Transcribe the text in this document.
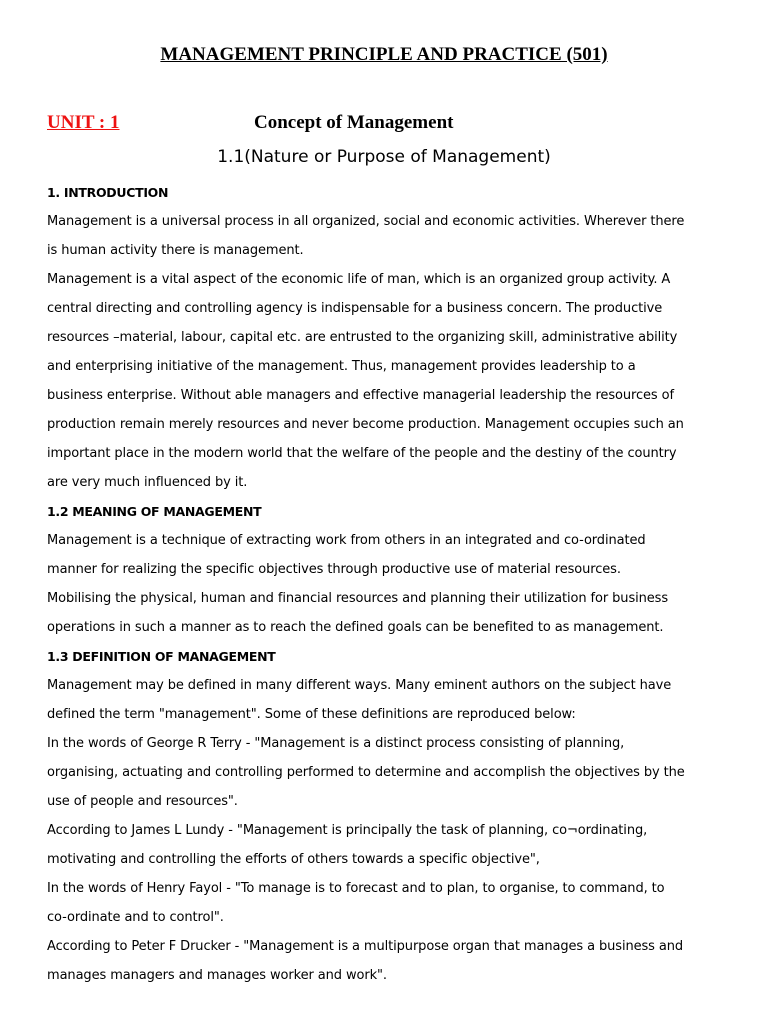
MANAGEMENT PRINCIPLE AND PRACTICE (501)
UNIT : 1	Concept of Management
1.1(Nature or Purpose of Management)
1. INTRODUCTION

Management is a universal process in all organized, social and economic activities. Wherever there is human activity there is management.

Management is a vital aspect of the economic life of man, which is an organized group activity. A central directing and controlling agency is indispensable for a business concern. The productive resources –material, labour, capital etc. are entrusted to the organizing skill, administrative ability and enterprising initiative of the management. Thus, management provides leadership to a business enterprise. Without able managers and effective managerial leadership the resources of production remain merely resources and never become production. Management occupies such an important place in the modern world that the welfare of the people and the destiny of the country are very much influenced by it.

1.2 MEANING OF MANAGEMENT

Management is a technique of extracting work from others in an integrated and co-ordinated manner for realizing the specific objectives through productive use of material resources. Mobilising the physical, human and financial resources and planning their utilization for business operations in such a manner as to reach the defined goals can be benefited to as management.

1.3 DEFINITION OF MANAGEMENT

Management may be defined in many different ways. Many eminent authors on the subject have defined the term "management". Some of these definitions are reproduced below:

In the words of George R Terry - "Management is a distinct process consisting of planning, organising, actuating and controlling performed to determine and accomplish the objectives by the use of people and resources".

According to James L Lundy - "Management is principally the task of planning, co¬ordinating, motivating and controlling the efforts of others towards a specific objective",

In the words of Henry Fayol - "To manage is to forecast and to plan, to organise, to command, to co-ordinate and to control".

According to Peter F Drucker - "Management is a multipurpose organ that manages a business and manages managers and manages worker and work".
